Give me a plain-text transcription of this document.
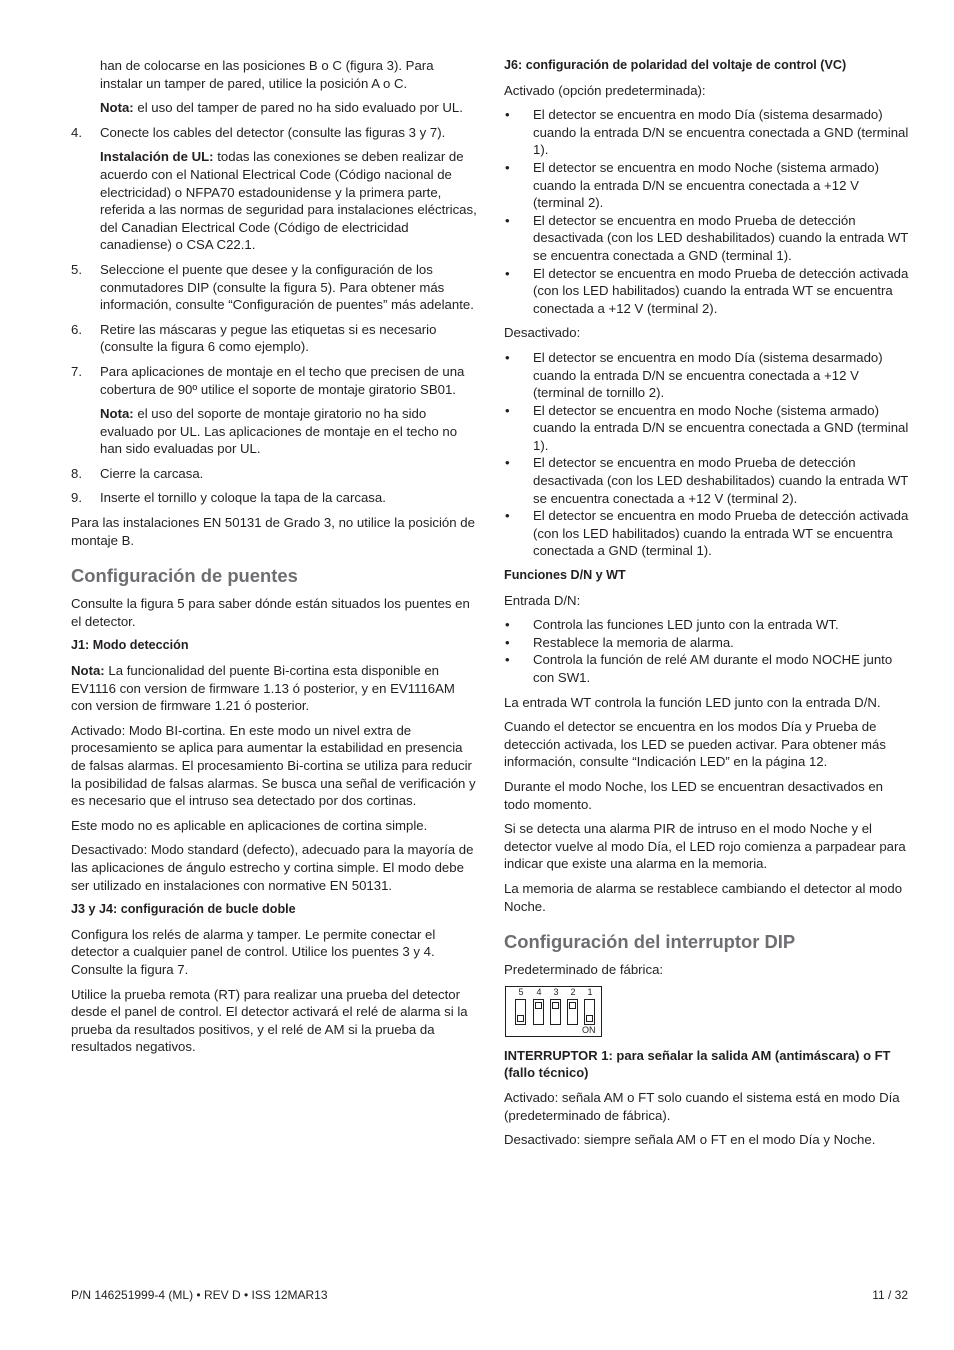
han de colocarse en las posiciones B o C (figura 3). Para instalar un tamper de pared, utilice la posición A o C.

Nota: el uso del tamper de pared no ha sido evaluado por UL.

4. Conecte los cables del detector (consulte las figuras 3 y 7).

Instalación de UL: todas las conexiones se deben realizar de acuerdo con el National Electrical Code (Código nacional de electricidad) o NFPA70 estadounidense y la primera parte, referida a las normas de seguridad para instalaciones eléctricas, del Canadian Electrical Code (Código de electricidad canadiense) o CSA C22.1.

5. Seleccione el puente que desee y la configuración de los conmutadores DIP (consulte la figura 5). Para obtener más información, consulte “Configuración de puentes” más adelante.
6. Retire las máscaras y pegue las etiquetas si es necesario (consulte la figura 6 como ejemplo).
7. Para aplicaciones de montaje en el techo que precisen de una cobertura de 90º utilice el soporte de montaje giratorio SB01.

Nota: el uso del soporte de montaje giratorio no ha sido evaluado por UL. Las aplicaciones de montaje en el techo no han sido evaluadas por UL.

8. Cierre la carcasa.
9. Inserte el tornillo y coloque la tapa de la carcasa.

Para las instalaciones EN 50131 de Grado 3, no utilice la posición de montaje B.

Configuración de puentes

Consulte la figura 5 para saber dónde están situados los puentes en el detector.

J1: Modo detección

Nota: La funcionalidad del puente Bi-cortina esta disponible en EV1116 con version de firmware 1.13 ó posterior, y en EV1116AM con version de firmware 1.21 ó posterior.

Activado: Modo BI-cortina. En este modo un nivel extra de procesamiento se aplica para aumentar la estabilidad en presencia de falsas alarmas. El procesamiento Bi-cortina se utiliza para reducir la posibilidad de falsas alarmas. Se busca una señal de verificación y es necesario que el intruso sea detectado por dos cortinas.

Este modo no es aplicable en aplicaciones de cortina simple.

Desactivado: Modo standard (defecto), adecuado para la mayoría de las aplicaciones de ángulo estrecho y cortina simple. El modo debe ser utilizado en instalaciones con normative EN 50131.

J3 y J4: configuración de bucle doble

Configura los relés de alarma y tamper. Le permite conectar el detector a cualquier panel de control. Utilice los puentes 3 y 4. Consulte la figura 7.

Utilice la prueba remota (RT) para realizar una prueba del detector desde el panel de control. El detector activará el relé de alarma si la prueba da resultados positivos, y el relé de AM si la prueba da resultados negativos.

J6: configuración de polaridad del voltaje de control (VC)

Activado (opción predeterminada):

• El detector se encuentra en modo Día (sistema desarmado) cuando la entrada D/N se encuentra conectada a GND (terminal 1).
• El detector se encuentra en modo Noche (sistema armado) cuando la entrada D/N se encuentra conectada a +12 V (terminal 2).
• El detector se encuentra en modo Prueba de detección desactivada (con los LED deshabilitados) cuando la entrada WT se encuentra conectada a GND (terminal 1).
• El detector se encuentra en modo Prueba de detección activada (con los LED habilitados) cuando la entrada WT se encuentra conectada a +12 V (terminal 2).

Desactivado:

• El detector se encuentra en modo Día (sistema desarmado) cuando la entrada D/N se encuentra conectada a +12 V (terminal de tornillo 2).
• El detector se encuentra en modo Noche (sistema armado) cuando la entrada D/N se encuentra conectada a GND (terminal 1).
• El detector se encuentra en modo Prueba de detección desactivada (con los LED deshabilitados) cuando la entrada WT se encuentra conectada a +12 V (terminal 2).
• El detector se encuentra en modo Prueba de detección activada (con los LED habilitados) cuando la entrada WT se encuentra conectada a GND (terminal 1).
Funciones D/N y WT

Entrada D/N:

• Controla las funciones LED junto con la entrada WT.
• Restablece la memoria de alarma.
• Controla la función de relé AM durante el modo NOCHE junto con SW1.

La entrada WT controla la función LED junto con la entrada D/N.

Cuando el detector se encuentra en los modos Día y Prueba de detección activada, los LED se pueden activar. Para obtener más información, consulte “Indicación LED” en la página 12.

Durante el modo Noche, los LED se encuentran desactivados en todo momento.

Si se detecta una alarma PIR de intruso en el modo Noche y el detector vuelve al modo Día, el LED rojo comienza a parpadear para indicar que existe una alarma en la memoria.

La memoria de alarma se restablece cambiando el detector al modo Noche.

Configuración del interruptor DIP

Predeterminado de fábrica:

5	4	3	2	1
ON
INTERRUPTOR 1: para señalar la salida AM (antimáscara) o FT (fallo técnico)

Activado: señala AM o FT solo cuando el sistema está en modo Día (predeterminado de fábrica).

Desactivado: siempre señala AM o FT en el modo Día y Noche.

P/N 146251999-4 (ML) • REV D • ISS 12MAR13	11 / 32
